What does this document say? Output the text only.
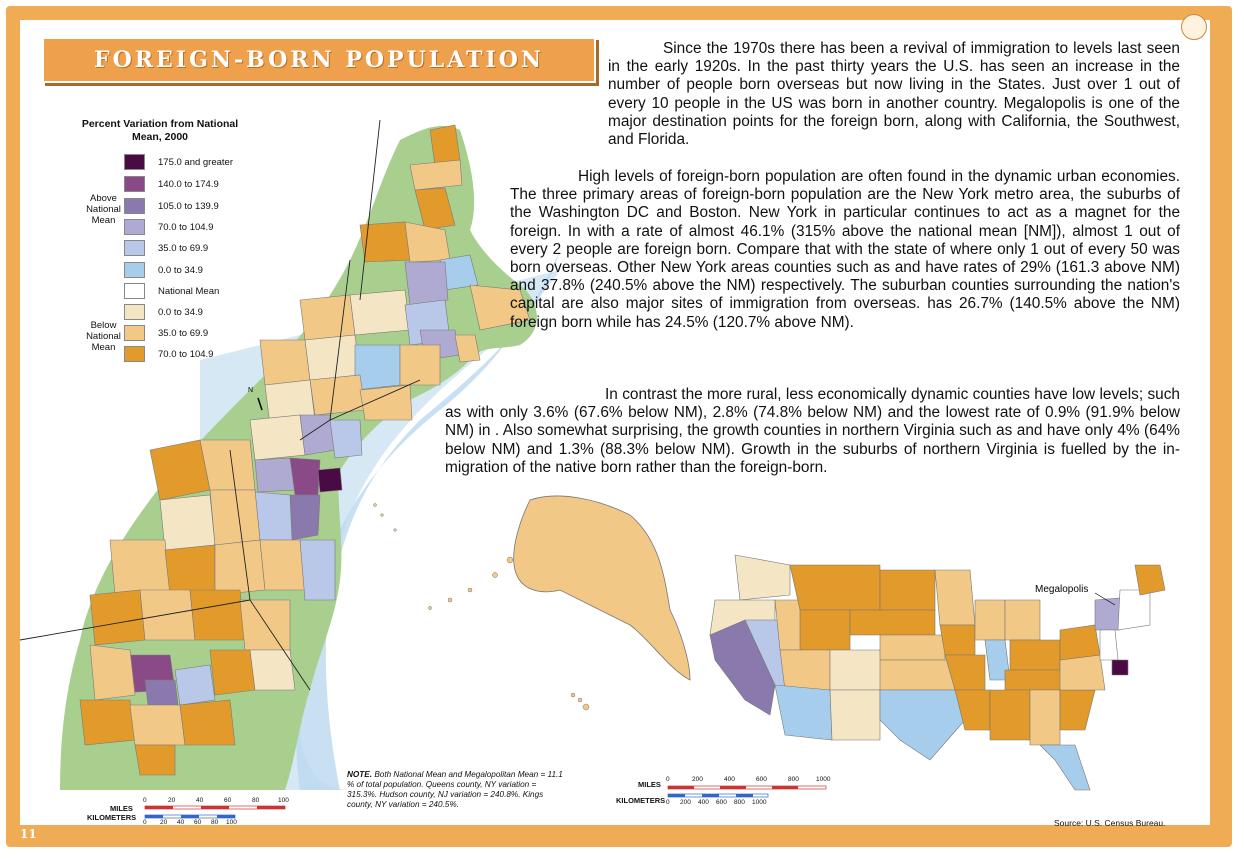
N
Megalopolis
FOREIGN-BORN POPULATION	Since the 1970s there has been a revival of immigration to levels last seen in the early 1920s. In the past thirty years the U.S. has seen an increase in the number of people born overseas but now living in the States. Just over 1 out of every 10 people in the US was born in another country. Megalopolis is one of the major destination points for the foreign born, along with California, the Southwest, and Florida.

High levels of foreign-born population are often found in the dynamic urban economies. The three primary areas of foreign-born population are the New York metro area, the suburbs of the Washington DC and Boston. New York in particular continues to act as a magnet for the foreign. In with a rate of almost 46.1% (315% above the national mean [NM]), almost 1 out of every 2 people are foreign born. Compare that with the state of where only 1 out of every 50 was born overseas. Other New York areas counties such as and have rates of 29% (161.3 above NM) and 37.8% (240.5% above the NM) respectively. The suburban counties surrounding the nation's capital are also major sites of immigration from overseas. has 26.7% (140.5% above the NM) foreign born while has 24.5% (120.7% above NM).

In contrast the more rural, less economically dynamic counties have low levels; such as with only 3.6% (67.6% below NM), 2.8% (74.8% below NM) and the lowest rate of 0.9% (91.9% below NM) in . Also somewhat surprising, the growth counties in northern Virginia such as and have only 4% (64% below NM) and 1.3% (88.3% below NM). Growth in the suburbs of northern Virginia is fuelled by the in-migration of the native born rather than the foreign-born.

Percent Variation from National Mean, 2000
Above National Mean
Below National Mean
175.0 and greater
140.0 to 174.9
105.0 to 139.9
70.0 to 104.9
35.0 to 69.9
0.0 to 34.9
National Mean
0.0 to 34.9
35.0 to 69.9
70.0 to 104.9
NOTE. Both National Mean and Megalopolitan Mean = 11.1 % of total population. Queens county, NY variation = 315.3%. Hudson county, NJ variation = 240.8%. Kings county, NY variation = 240.5%.
MILES
KILOMETERS
0	20	40	60	80	100
0 20 40 60 80 100
MILES
KILOMETERS
0	200	400	600	800	1000
0 200 400 600 800 1000
Source: U.S. Census Bureau.
11
Population
